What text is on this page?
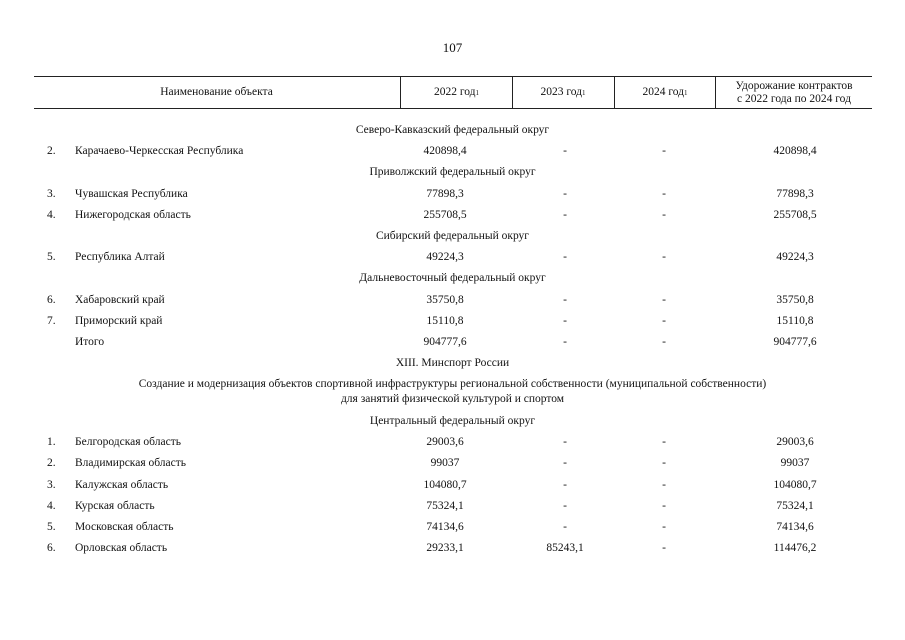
107
Наименование объекта	2022 год 1	2023 год 1	2024 год 1
Удорожание контрактов
с 2022 года по 2024 год
Северо-Кавказский федеральный округ
2. Карачаево-Черкесская Республика	420898,4	-	-	420898,4
Приволжский федеральный округ
3. Чувашская Республика	77898,3	-	-	77898,3
4. Нижегородская область	255708,5	-	-	255708,5
Сибирский федеральный округ
5. Республика Алтай	49224,3	-	-	49224,3
Дальневосточный федеральный округ
6. Хабаровский край	35750,8	-	-	35750,8
7. Приморский край	15110,8	-	-	15110,8
Итого	904777,6	-	-	904777,6
XIII. Минспорт России
Создание и модернизация объектов спортивной инфраструктуры региональной собственности (муниципальной собственности)
для занятий физической культурой и спортом
Центральный федеральный округ
1. Белгородская область	29003,6	-	-	29003,6
2. Владимирская область	99037	-	-	99037
3. Калужская область	104080,7	-	-	104080,7
4. Курская область	75324,1	-	-	75324,1
5. Московская область	74134,6	-	-	74134,6
6. Орловская область	29233,1	85243,1	-	114476,2
